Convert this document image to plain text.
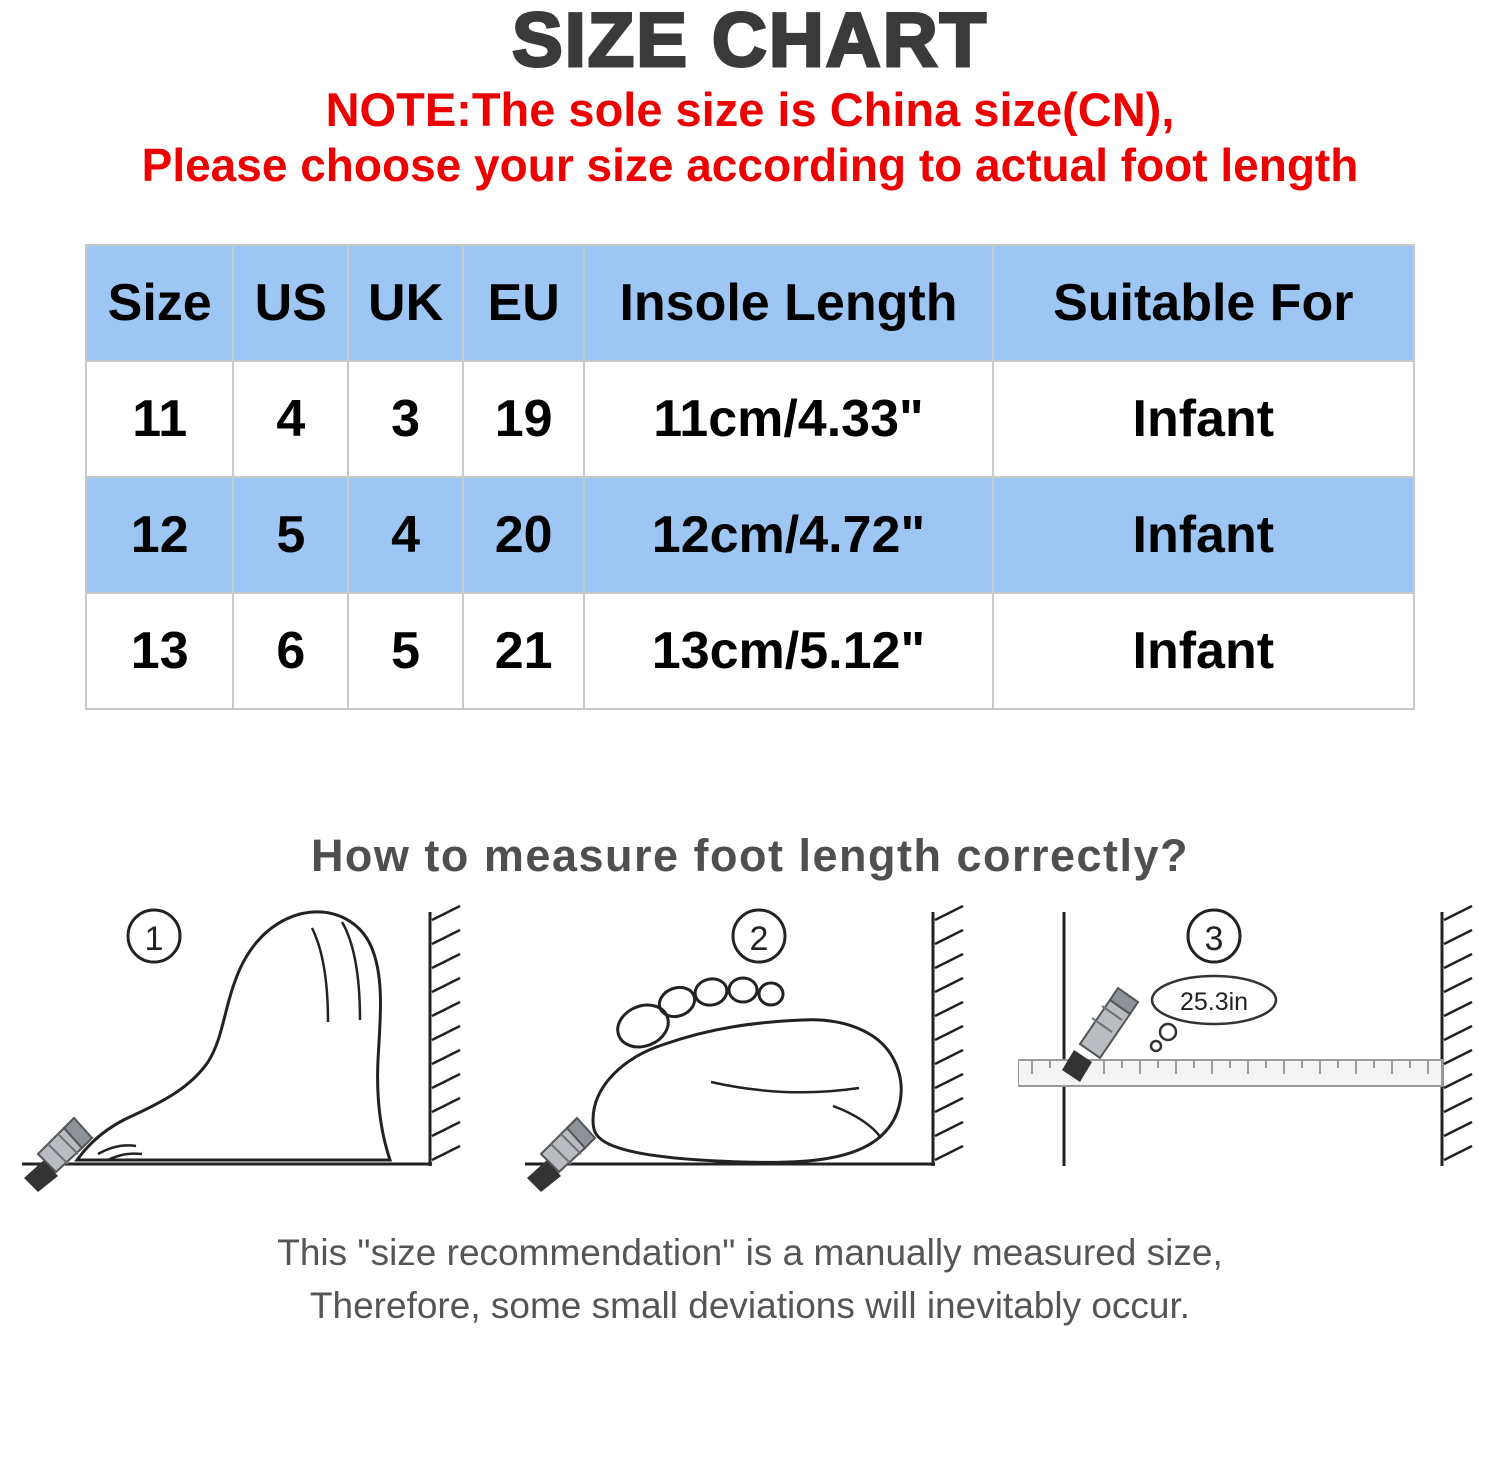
SIZE CHART
NOTE:The sole size is China size(CN),
Please choose your size according to actual foot length
Size	US	UK	EU	Insole Length	Suitable For
11	4	3	19	11cm/4.33"	Infant
12	5	4	20	12cm/4.72"	Infant
13	6	5	21	13cm/5.12"	Infant
How to measure foot length correctly?
1	2
25.3in
3
This "size recommendation" is a manually measured size,
Therefore, some small deviations will inevitably occur.
